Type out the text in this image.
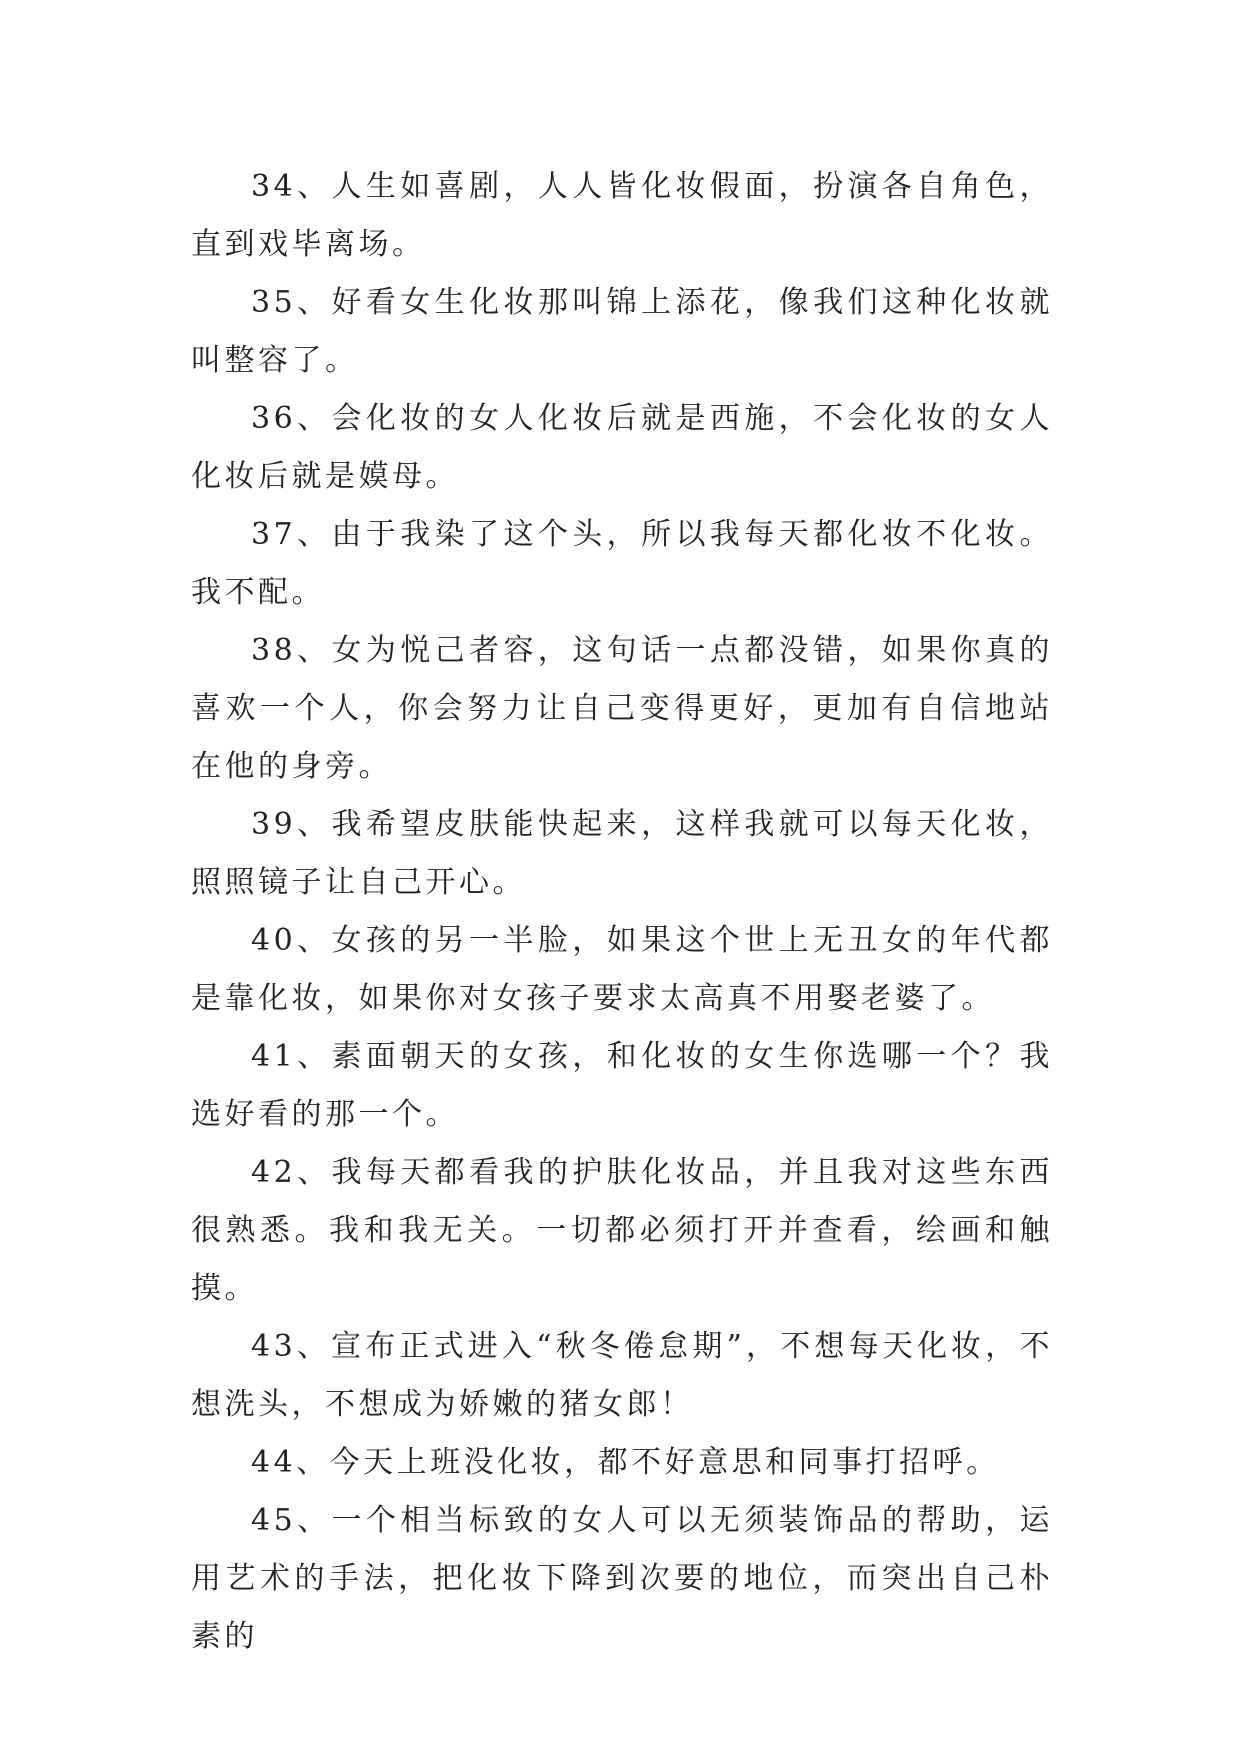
34、人生如喜剧，人人皆化妆假面，扮演各自角色，直到戏毕离场。

35、好看女生化妆那叫锦上添花，像我们这种化妆就叫整容了。

36、会化妆的女人化妆后就是西施，不会化妆的女人化妆后就是嫫母。

37、由于我染了这个头，所以我每天都化妆不化妆。我不配。

38、女为悦己者容，这句话一点都没错，如果你真的喜欢一个人，你会努力让自己变得更好，更加有自信地站在他的身旁。

39、我希望皮肤能快起来，这样我就可以每天化妆，照照镜子让自己开心。

40、女孩的另一半脸，如果这个世上无丑女的年代都是靠化妆，如果你对女孩子要求太高真不用娶老婆了。

41、素面朝天的女孩，和化妆的女生你选哪一个？我选好看的那一个。

42、我每天都看我的护肤化妆品，并且我对这些东西很熟悉。我和我无关。一切都必须打开并查看，绘画和触摸。

43、宣布正式进入“秋冬倦怠期”，不想每天化妆，不想洗头，不想成为娇嫩的猪女郎！

44、今天上班没化妆，都不好意思和同事打招呼。

45、一个相当标致的女人可以无须装饰品的帮助，运用艺术的手法，把化妆下降到次要的地位，而突出自己朴素的
